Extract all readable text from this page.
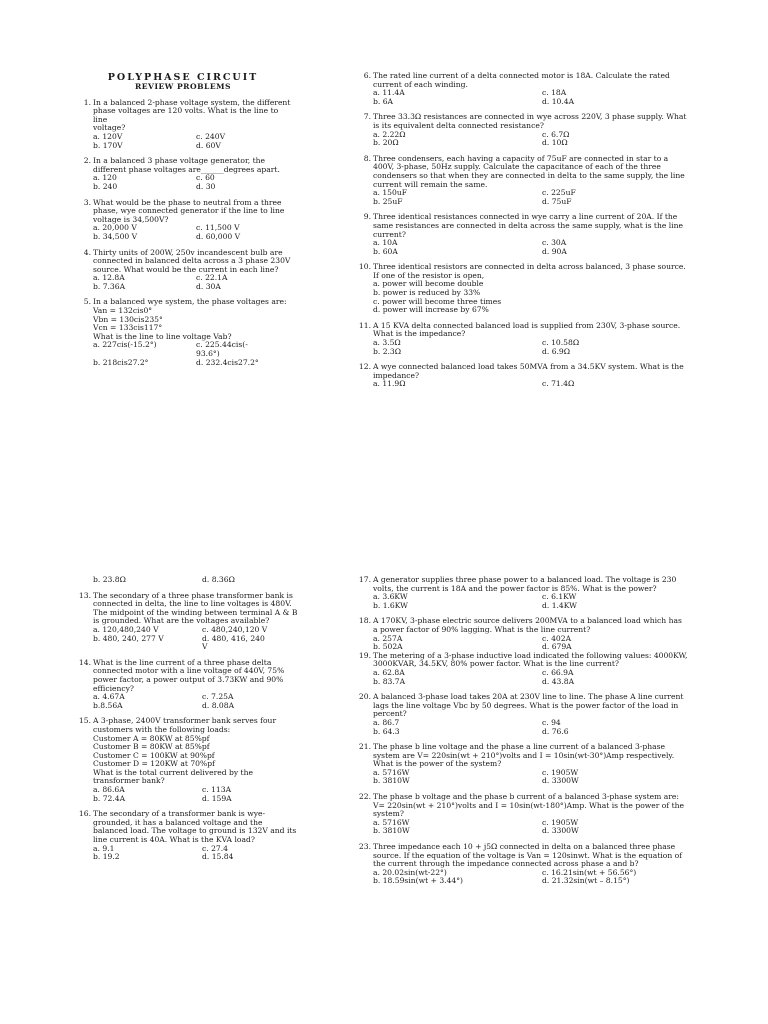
POLYPHASE CIRCUIT
REVIEW PROBLEMS
1. In a balanced 2-phase voltage system, the different
phase voltages are 120 volts. What is the line to line
voltage?
a. 120V	c. 240V
b. 170V	d. 60V
2. In a balanced 3 phase voltage generator, the
different phase voltages are______degrees apart.
a. 120	c. 60
b. 240	d. 30
3. What would be the phase to neutral from a three
phase, wye connected generator if the line to line
voltage is 34,500V?
a. 20,000 V	c. 11,500 V
b. 34,500 V	d. 60,000 V
4. Thirty units of 200W, 250v incandescent bulb are
connected in balanced delta across a 3 phase 230V
source. What would be the current in each line?
a. 12.8A	c. 22.1A
b. 7.36A	d. 30A
5. In a balanced wye system, the phase voltages are:
Van = 132cis0°
Vbn = 130cis235°
Vcn = 133cis117°
What is the line to line voltage Vab?
a. 227cis(-15.2°)	c. 225.44cis(-
93.6°)
b. 218cis27.2°	d. 232.4cis27.2°
6. The rated line current of a delta connected motor is 18A. Calculate the rated
current of each winding.
a. 11.4A	c. 18A
b. 6A	d. 10.4A
7. Three 33.3Ω resistances are connected in wye across 220V, 3 phase supply. What
is its equivalent delta connected resistance?
a. 2.22Ω	c. 6.7Ω
b. 20Ω	d. 10Ω
8. Three condensers, each having a capacity of 75uF are connected in star to a
400V, 3-phase, 50Hz supply. Calculate the capacitance of each of the three
condensers so that when they are connected in delta to the same supply, the line
current will remain the same.
a. 150uF	c. 225uF
b. 25uF	d. 75uF
9. Three identical resistances connected in wye carry a line current of 20A. If the
same resistances are connected in delta across the same supply, what is the line
current?
a. 10A	c. 30A
b. 60A	d. 90A
10. Three identical resistors are connected in delta across balanced, 3 phase source.
If one of the resistor is open,
a. power will become double
b. power is reduced by 33%
c. power will become three times
d. power will increase by 67%
11. A 15 KVA delta connected balanced load is supplied from 230V, 3-phase source.
What is the impedance?
a. 3.5Ω	c. 10.58Ω
b. 2.3Ω	d. 6.9Ω
12. A wye connected balanced load takes 50MVA from a 34.5KV system. What is the
impedance?
a. 11.9Ω	c. 71.4Ω
b. 23.8Ω	d. 8.36Ω
13. The secondary of a three phase transformer bank is
connected in delta, the line to line voltages is 480V.
The midpoint of the winding between terminal A & B
is grounded. What are the voltages available?
a. 120,480,240 V	c. 480,240,120 V
b. 480, 240, 277 V	d. 480, 416, 240
V
14. What is the line current of a three phase delta
connected motor with a line voltage of 440V, 75%
power factor, a power output of 3.73KW and 90%
efficiency?
a. 4.67A	c. 7.25A
b.8.56A	d. 8.08A
15. A 3-phase, 2400V transformer bank serves four
customers with the following loads:
Customer A = 80KW at 85%pf
Customer B = 80KW at 85%pf
Customer C = 100KW at 90%pf
Customer D = 120KW at 70%pf
What is the total current delivered by the
transformer bank?
a. 86.6A	c. 113A
b. 72.4A	d. 159A
16. The secondary of a transformer bank is wye-
grounded, it has a balanced voltage and the
balanced load. The voltage to ground is 132V and its
line current is 40A. What is the KVA load?
a. 9.1	c. 27.4
b. 19.2	d. 15.84
17. A generator supplies three phase power to a balanced load. The voltage is 230
volts, the current is 18A and the power factor is 85%. What is the power?
a. 3.6KW	c. 6.1KW
b. 1.6KW	d. 1.4KW
18. A 170KV, 3-phase electric source delivers 200MVA to a balanced load which has
a power factor of 90% lagging. What is the line current?
a. 257A	c. 402A
b. 502A	d. 679A
19. The metering of a 3-phase inductive load indicated the following values: 4000KW,
3000KVAR, 34.5KV, 80% power factor. What is the line current?
a. 62.8A	c. 66.9A
b. 83.7A	d. 43.8A
20. A balanced 3-phase load takes 20A at 230V line to line. The phase A line current
lags the line voltage Vbc by 50 degrees. What is the power factor of the load in
percent?
a. 86.7	c. 94
b. 64.3	d. 76.6
21. The phase b line voltage and the phase a line current of a balanced 3-phase
system are V= 220sin(wt + 210°)volts and I = 10sin(wt-30°)Amp respectively.
What is the power of the system?
a. 5716W	c. 1905W
b. 3810W	d. 3300W
22. The phase b voltage and the phase b current of a balanced 3-phase system are:
V= 220sin(wt + 210°)volts and I = 10sin(wt-180°)Amp. What is the power of the
system?
a. 5716W	c. 1905W
b. 3810W	d. 3300W
23. Three impedance each 10 + j5Ω connected in delta on a balanced three phase
source. If the equation of the voltage is Van = 120sinwt. What is the equation of
the current through the impedance connected across phase a and b?
a. 20.02sin(wt-22°)	c. 16.21sin(wt + 56.56°)
b. 18.59sin(wt + 3.44°)	d. 21.32sin(wt – 8.15°)
